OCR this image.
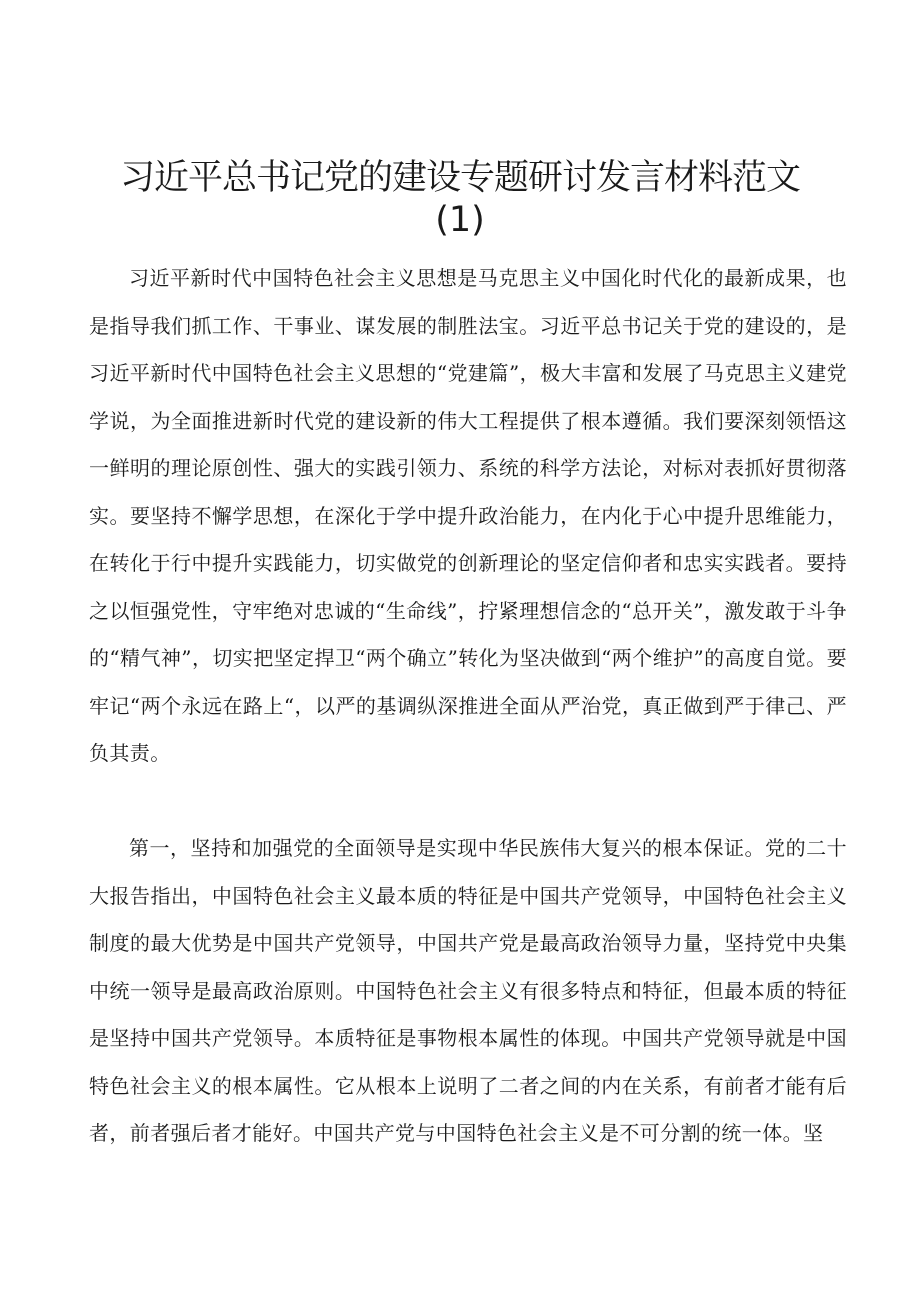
习近平总书记党的建设专题研讨发言材料范文
(1)

习近平新时代中国特色社会主义思想是马克思主义中国化时代化的最新成果，也是指导我们抓工作、干事业、谋发展的制胜法宝。习近平总书记关于党的建设的，是习近平新时代中国特色社会主义思想的“党建篇”，极大丰富和发展了马克思主义建党学说，为全面推进新时代党的建设新的伟大工程提供了根本遵循。我们要深刻领悟这一鲜明的理论原创性、强大的实践引领力、系统的科学方法论，对标对表抓好贯彻落实。要坚持不懈学思想，在深化于学中提升政治能力，在内化于心中提升思维能力，在转化于行中提升实践能力，切实做党的创新理论的坚定信仰者和忠实实践者。要持之以恒强党性，守牢绝对忠诚的“生命线”，拧紧理想信念的“总开关”，激发敢于斗争的“精气神”，切实把坚定捍卫“两个确立”转化为坚决做到“两个维护”的高度自觉。要牢记“两个永远在路上“，以严的基调纵深推进全面从严治党，真正做到严于律己、严负其责。

第一，坚持和加强党的全面领导是实现中华民族伟大复兴的根本保证。党的二十大报告指出，中国特色社会主义最本质的特征是中国共产党领导，中国特色社会主义制度的最大优势是中国共产党领导，中国共产党是最高政治领导力量，坚持党中央集中统一领导是最高政治原则。中国特色社会主义有很多特点和特征，但最本质的特征是坚持中国共产党领导。本质特征是事物根本属性的体现。中国共产党领导就是中国特色社会主义的根本属性。它从根本上说明了二者之间的内在关系，有前者才能有后者，前者强后者才能好。中国共产党与中国特色社会主义是不可分割的统一体。坚
